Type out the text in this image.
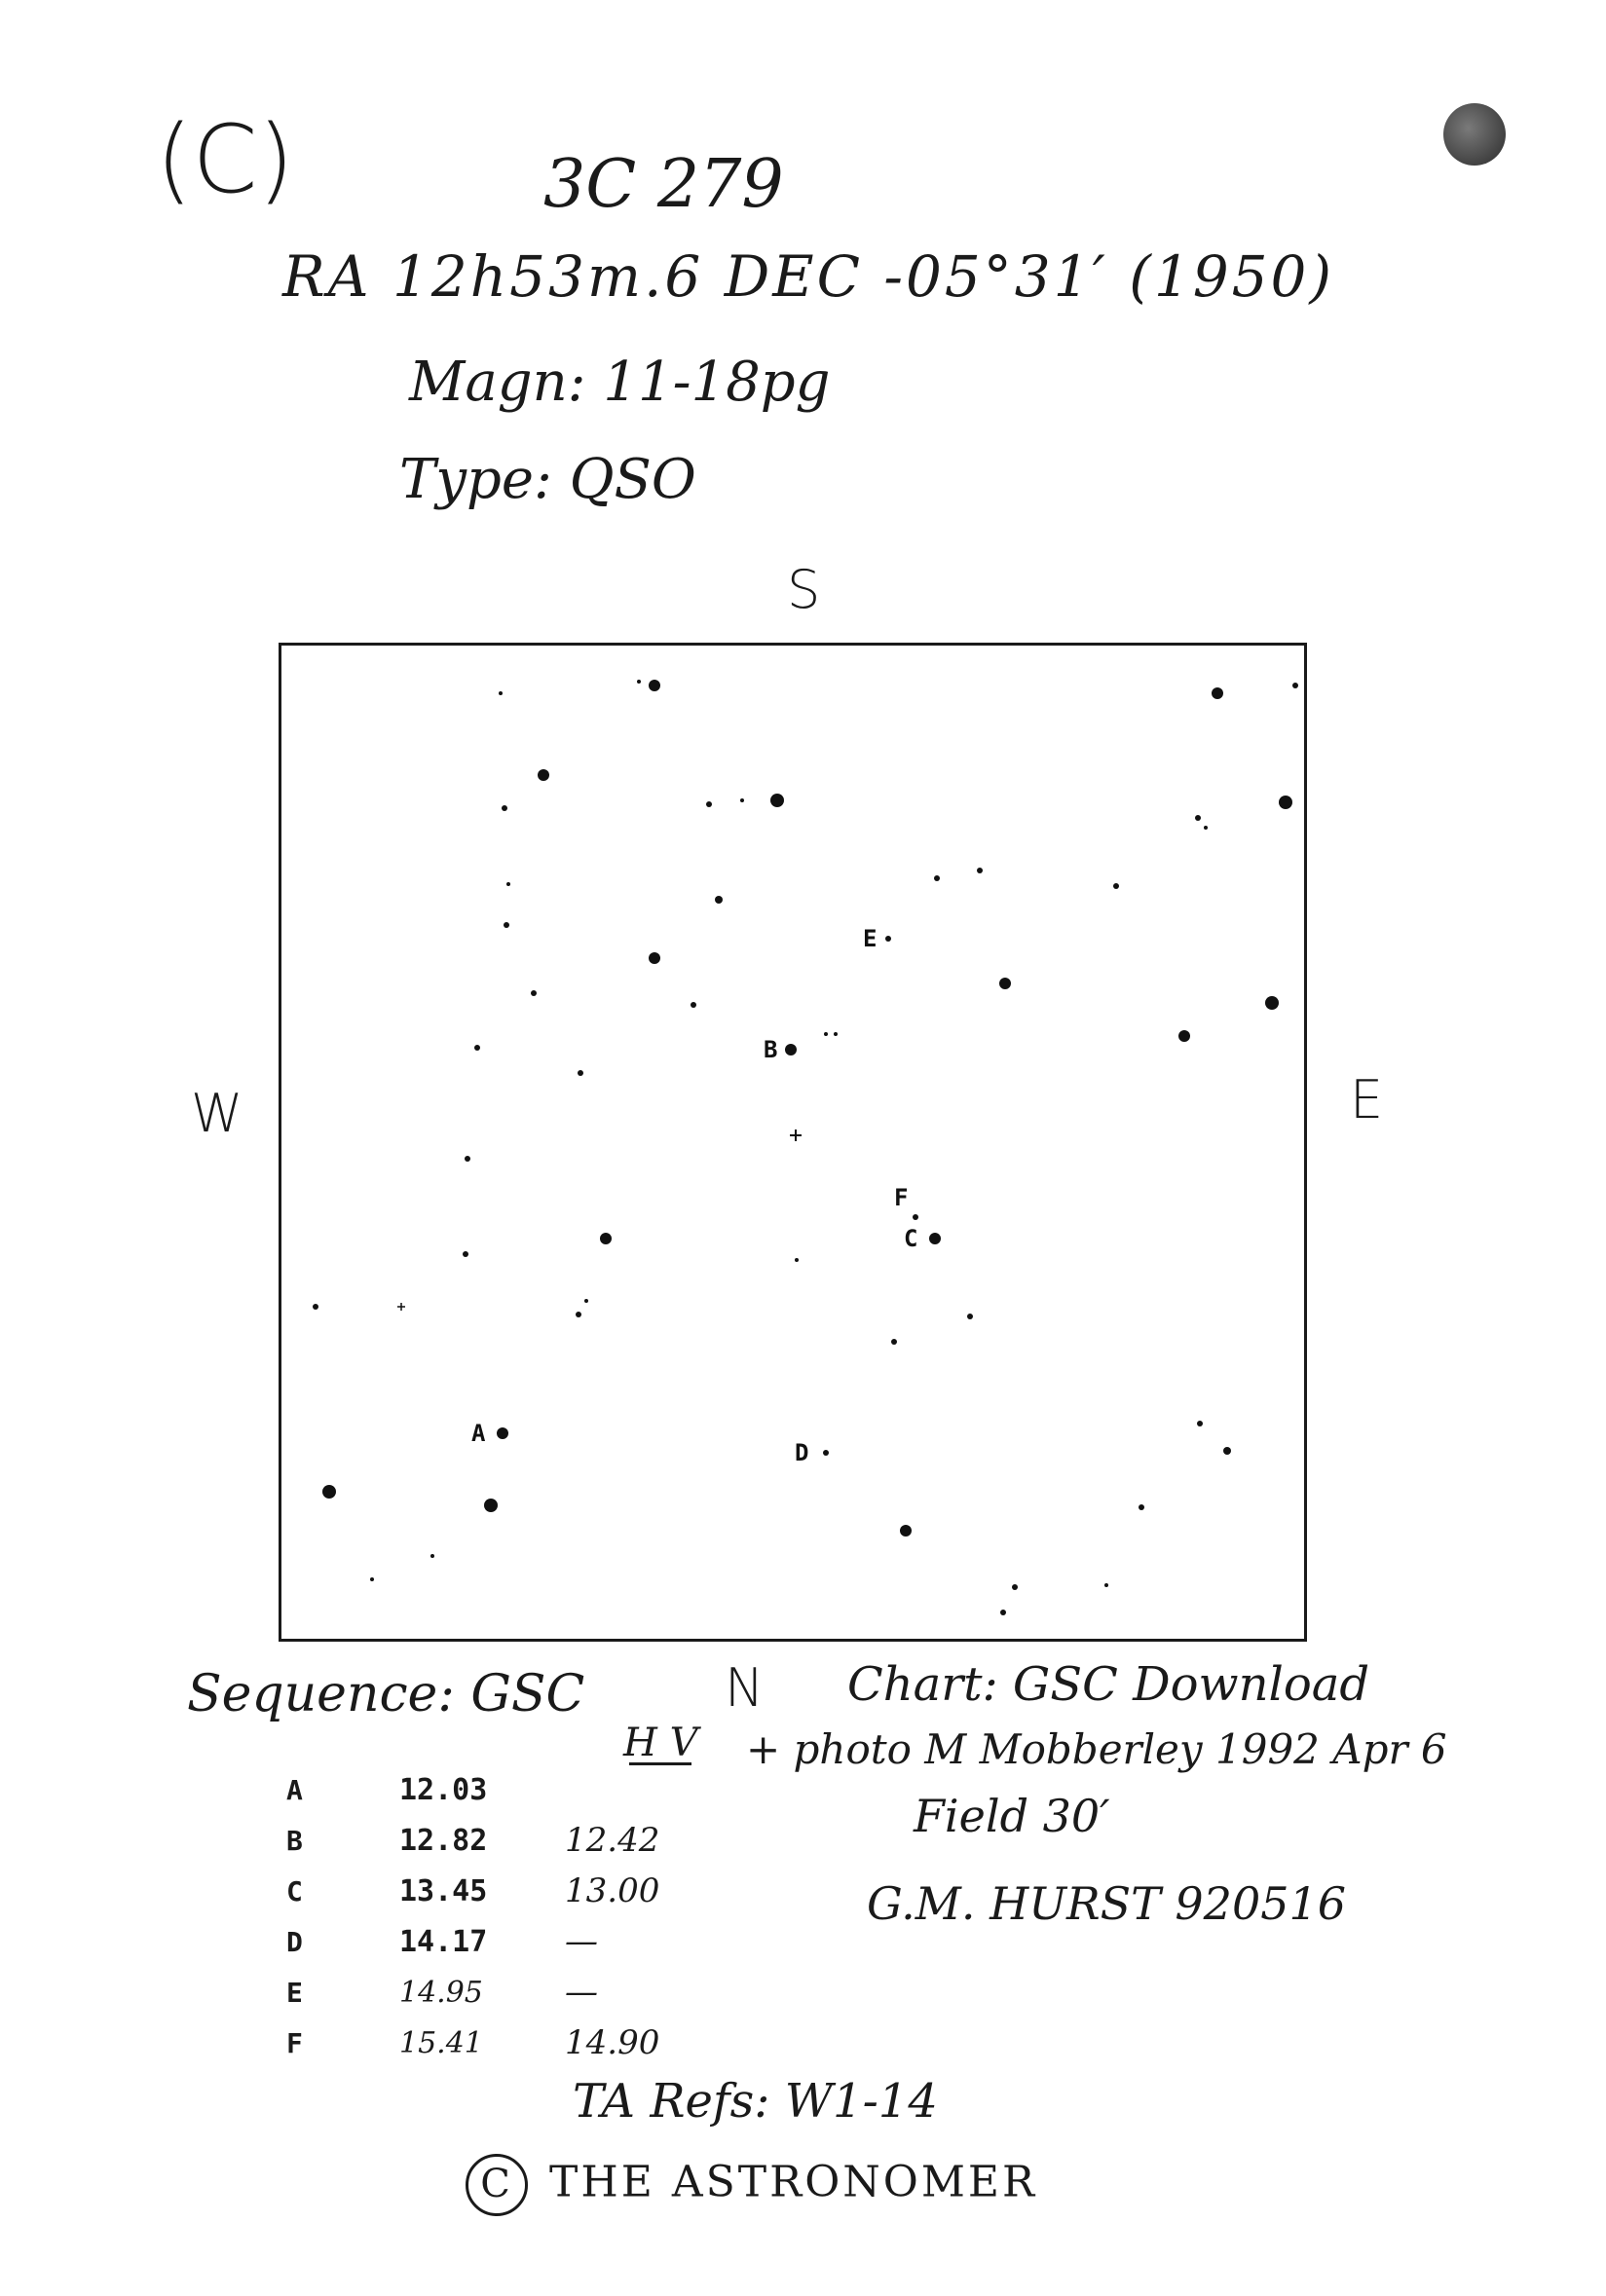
(C)	3C 279
RA 12h53m.6 DEC -05°31′ (1950)
Magn: 11-18pg
Type: QSO
S
W	E
N
A
B
C
D
E
F
Sequence: GSC	Chart: GSC Download
+ photo M Mobberley 1992 Apr 6
Field 30′
G.M. HURST 920516
H V
A	12.03	
B	12.82	12.42
C	13.45	13.00
D	14.17	—
E	14.95	—
F	15.41	14.90
TA Refs: W1-14
C THE ASTRONOMER
